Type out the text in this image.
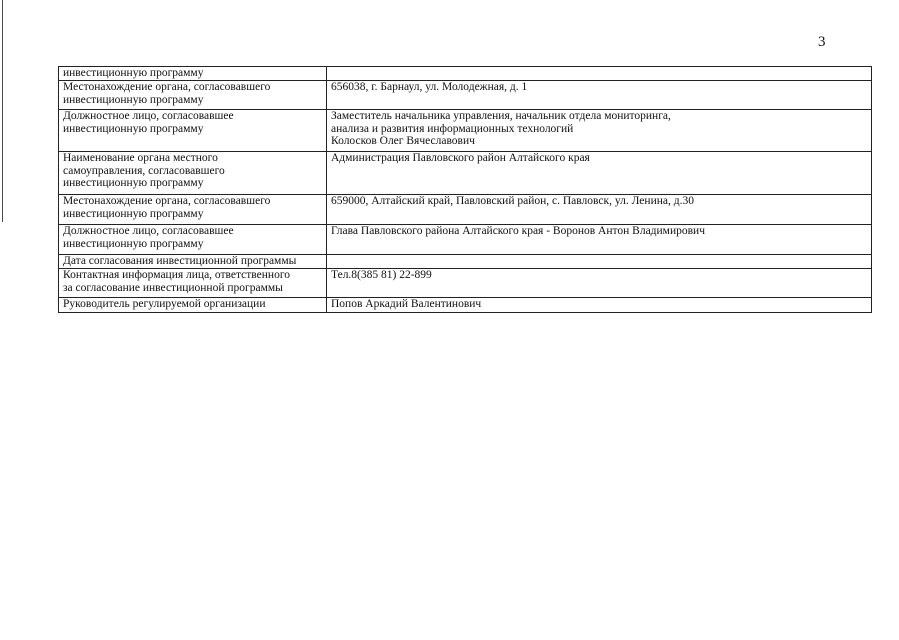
3
инвестиционную программу	

Местонахождение органа, согласовавшего
инвестиционную программу	656038, г. Барнаул, ул. Молодежная, д. 1

Должностное лицо, согласовавшее
инвестиционную программу	Заместитель начальника управления, начальник отдела мониторинга,
анализа и развития информационных технологий
Колосков Олег Вячеславович

Наименование органа местного
самоуправления, согласовавшего
инвестиционную программу	Администрация Павловского район Алтайского края

Местонахождение органа, согласовавшего
инвестиционную программу	659000, Алтайский край, Павловский район, с. Павловск, ул. Ленина, д.30

Должностное лицо, согласовавшее
инвестиционную программу	Глава Павловского района Алтайского края - Воронов Антон Владимирович

Дата согласования инвестиционной программы	

Контактная информация лица, ответственного
за согласование инвестиционной программы	Тел.8(385 81) 22-899

Руководитель регулируемой организации	Попов Аркадий Валентинович
